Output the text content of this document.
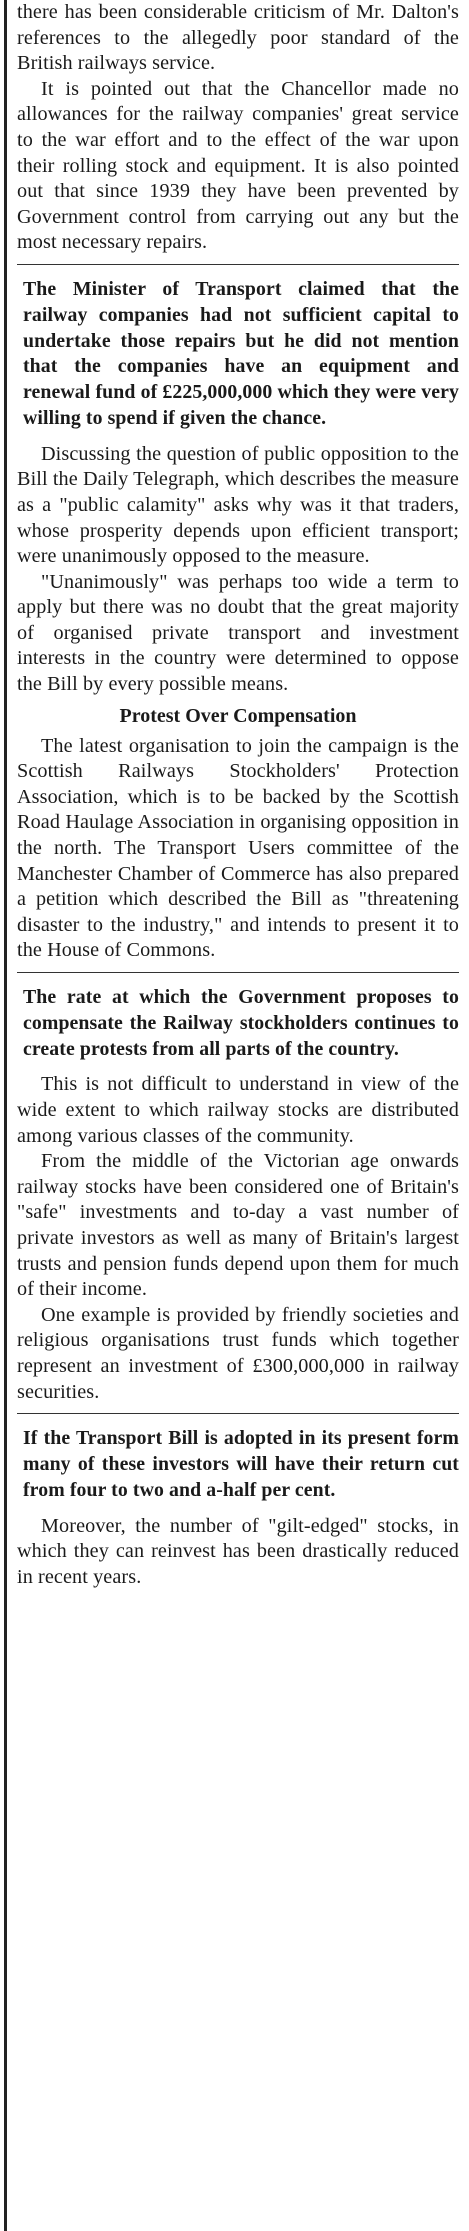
there has been considerable criticism of Mr. Dalton's references to the allegedly poor standard of the British railways service.

It is pointed out that the Chancellor made no allowances for the railway companies' great service to the war effort and to the effect of the war upon their rolling stock and equipment. It is also pointed out that since 1939 they have been prevented by Government control from carrying out any but the most necessary repairs.

The Minister of Transport claimed that the railway companies had not sufficient capital to undertake those repairs but he did not mention that the companies have an equipment and renewal fund of £225,000,000 which they were very willing to spend if given the chance.

Discussing the question of public opposition to the Bill the Daily Telegraph, which describes the measure as a "public calamity" asks why was it that traders, whose prosperity depends upon efficient transport; were unanimously opposed to the measure.

"Unanimously" was perhaps too wide a term to apply but there was no doubt that the great majority of organised private transport and investment interests in the country were determined to oppose the Bill by every possible means.

Protest Over Compensation

The latest organisation to join the campaign is the Scottish Railways Stockholders' Protection Association, which is to be backed by the Scottish Road Haulage Association in organising opposition in the north. The Transport Users committee of the Manchester Chamber of Commerce has also prepared a petition which described the Bill as "threatening disaster to the industry," and intends to present it to the House of Commons.

The rate at which the Government proposes to compensate the Railway stockholders continues to create protests from all parts of the country.

This is not difficult to understand in view of the wide extent to which railway stocks are distributed among various classes of the community.

From the middle of the Victorian age onwards railway stocks have been considered one of Britain's "safe" investments and to-day a vast number of private investors as well as many of Britain's largest trusts and pension funds depend upon them for much of their income.

One example is provided by friendly societies and religious organisations trust funds which together represent an investment of £300,000,000 in railway securities.

If the Transport Bill is adopted in its present form many of these investors will have their return cut from four to two and a-half per cent.

Moreover, the number of "gilt-edged" stocks, in which they can reinvest has been drastically reduced in recent years.
